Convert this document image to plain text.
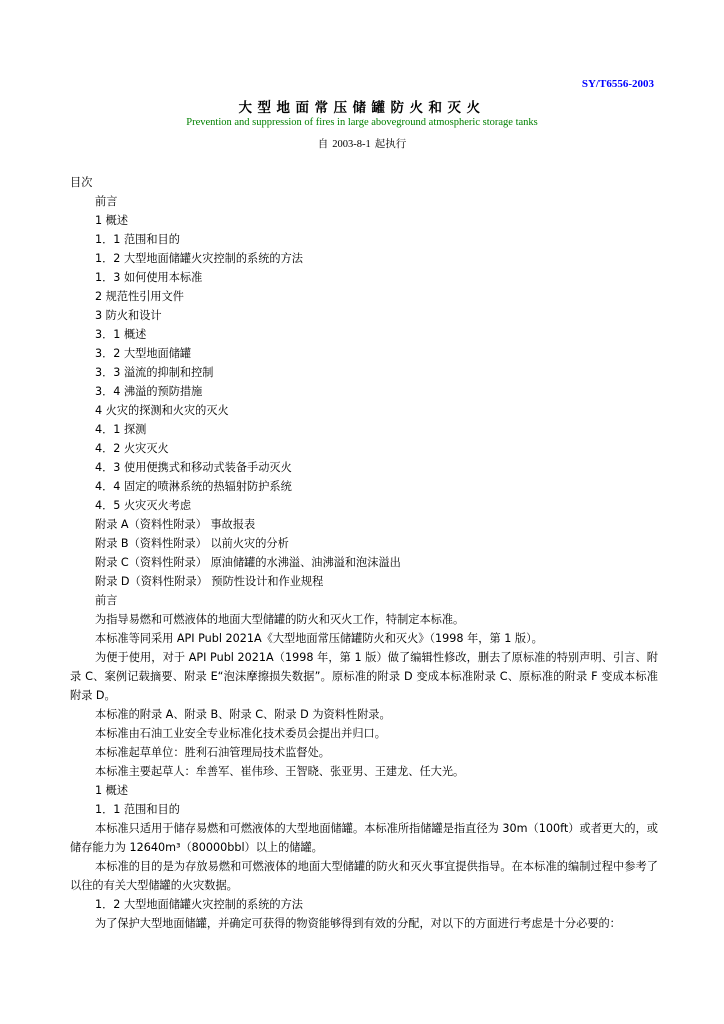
SY/T6556-2003
大型地面常压储罐防火和灭火
Prevention and suppression of fires in large aboveground atmospheric storage tanks
自 2003-8-1 起执行
目次
前言
1 概述
1．1 范围和目的
1．2 大型地面储罐火灾控制的系统的方法
1．3 如何使用本标准
2 规范性引用文件
3 防火和设计
3．1 概述
3．2 大型地面储罐
3．3 溢流的抑制和控制
3．4 沸溢的预防措施
4 火灾的探测和火灾的灭火
4．1 探测
4．2 火灾灭火
4．3 使用便携式和移动式装备手动灭火
4．4 固定的喷淋系统的热辐射防护系统
4．5 火灾灭火考虑
附录 A（资料性附录） 事故报表
附录 B（资料性附录） 以前火灾的分析
附录 C（资料性附录） 原油储罐的水沸溢、油沸溢和泡沫溢出
附录 D（资料性附录） 预防性设计和作业规程
前言
为指导易燃和可燃液体的地面大型储罐的防火和灭火工作，特制定本标准。
本标准等同采用 API Publ 2021A《大型地面常压储罐防火和灭火》（1998 年，第 1 版）。
为便于使用，对于 API Publ 2021A（1998 年，第 1 版）做了编辑性修改，删去了原标准的特别声明、引言、附录 C、案例记载摘要、附录 E“泡沫摩擦损失数据”。原标准的附录 D 变成本标准附录 C、原标准的附录 F 变成本标准附录 D。
本标准的附录 A、附录 B、附录 C、附录 D 为资料性附录。
本标准由石油工业安全专业标准化技术委员会提出并归口。
本标准起草单位：胜利石油管理局技术监督处。
本标准主要起草人：牟善军、崔伟珍、王智晓、张亚男、王建龙、任大光。
1 概述
1．1 范围和目的
本标准只适用于储存易燃和可燃液体的大型地面储罐。本标准所指储罐是指直径为 30m（100ft）或者更大的，或储存能力为 12640m³（80000bbl）以上的储罐。
本标准的目的是为存放易燃和可燃液体的地面大型储罐的防火和灭火事宜提供指导。在本标准的编制过程中参考了以往的有关大型储罐的火灾数据。
1．2 大型地面储罐火灾控制的系统的方法
为了保护大型地面储罐，并确定可获得的物资能够得到有效的分配，对以下的方面进行考虑是十分必要的：
